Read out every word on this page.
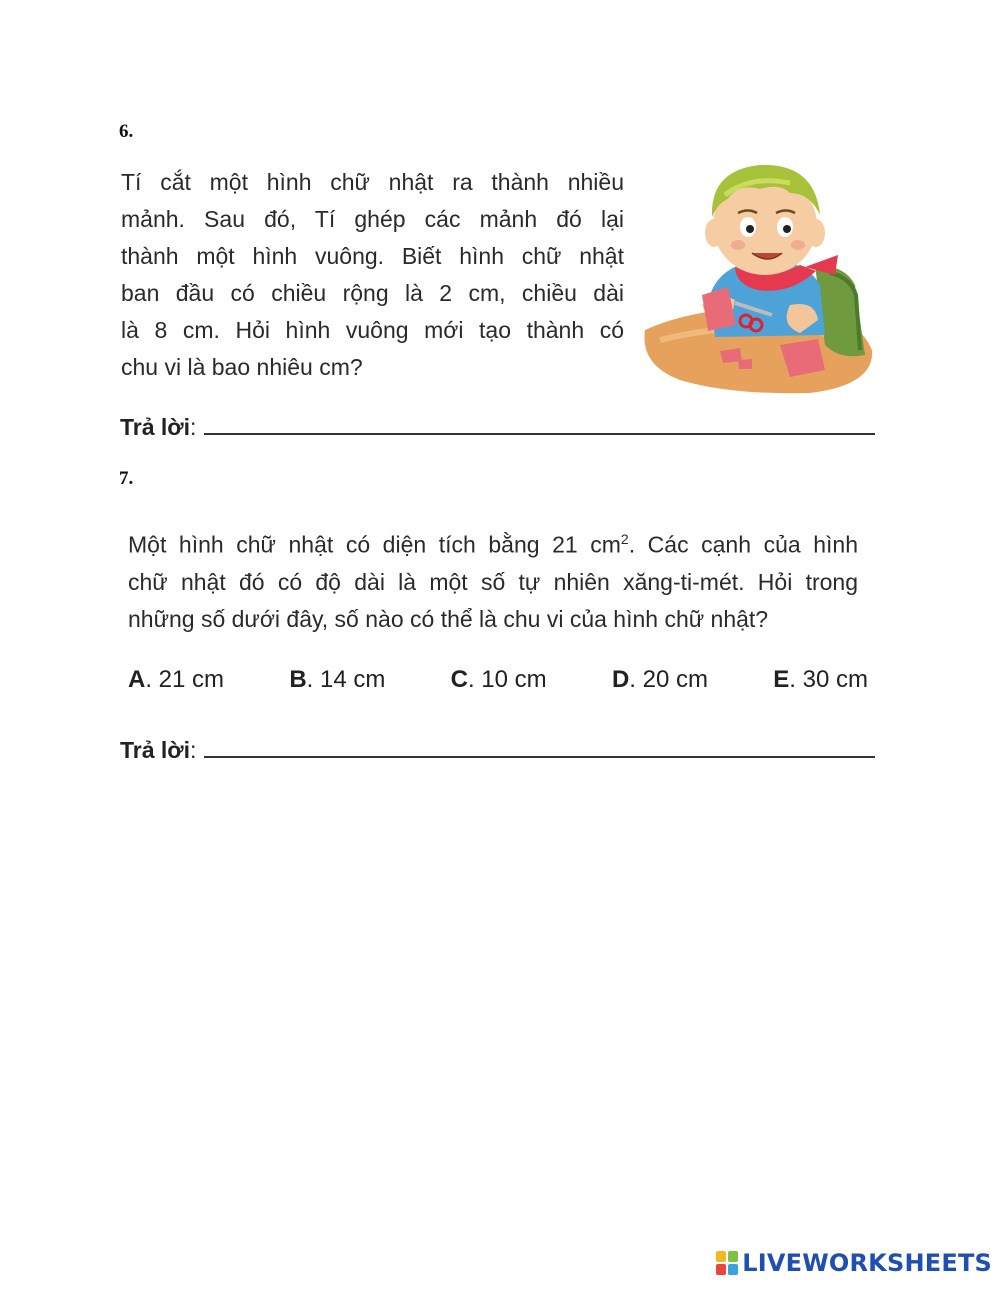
6.
Tí cắt một hình chữ nhật ra thành nhiều
mảnh. Sau đó, Tí ghép các mảnh đó lại
thành một hình vuông. Biết hình chữ nhật
ban đầu có chiều rộng là 2 cm, chiều dài
là 8 cm. Hỏi hình vuông mới tạo thành có
chu vi là bao nhiêu cm?
Trả lời:
7.
Một hình chữ nhật có diện tích bằng 21 $cm^2$. Các cạnh của hình
chữ nhật đó có độ dài là một số tự nhiên xăng-ti-mét. Hỏi trong
những số dưới đây, số nào có thể là chu vi của hình chữ nhật?
A. 21 cm	B. 14 cm	C. 10 cm	D. 20 cm	E. 30 cm
Trả lời:
LIVEWORKSHEETS
